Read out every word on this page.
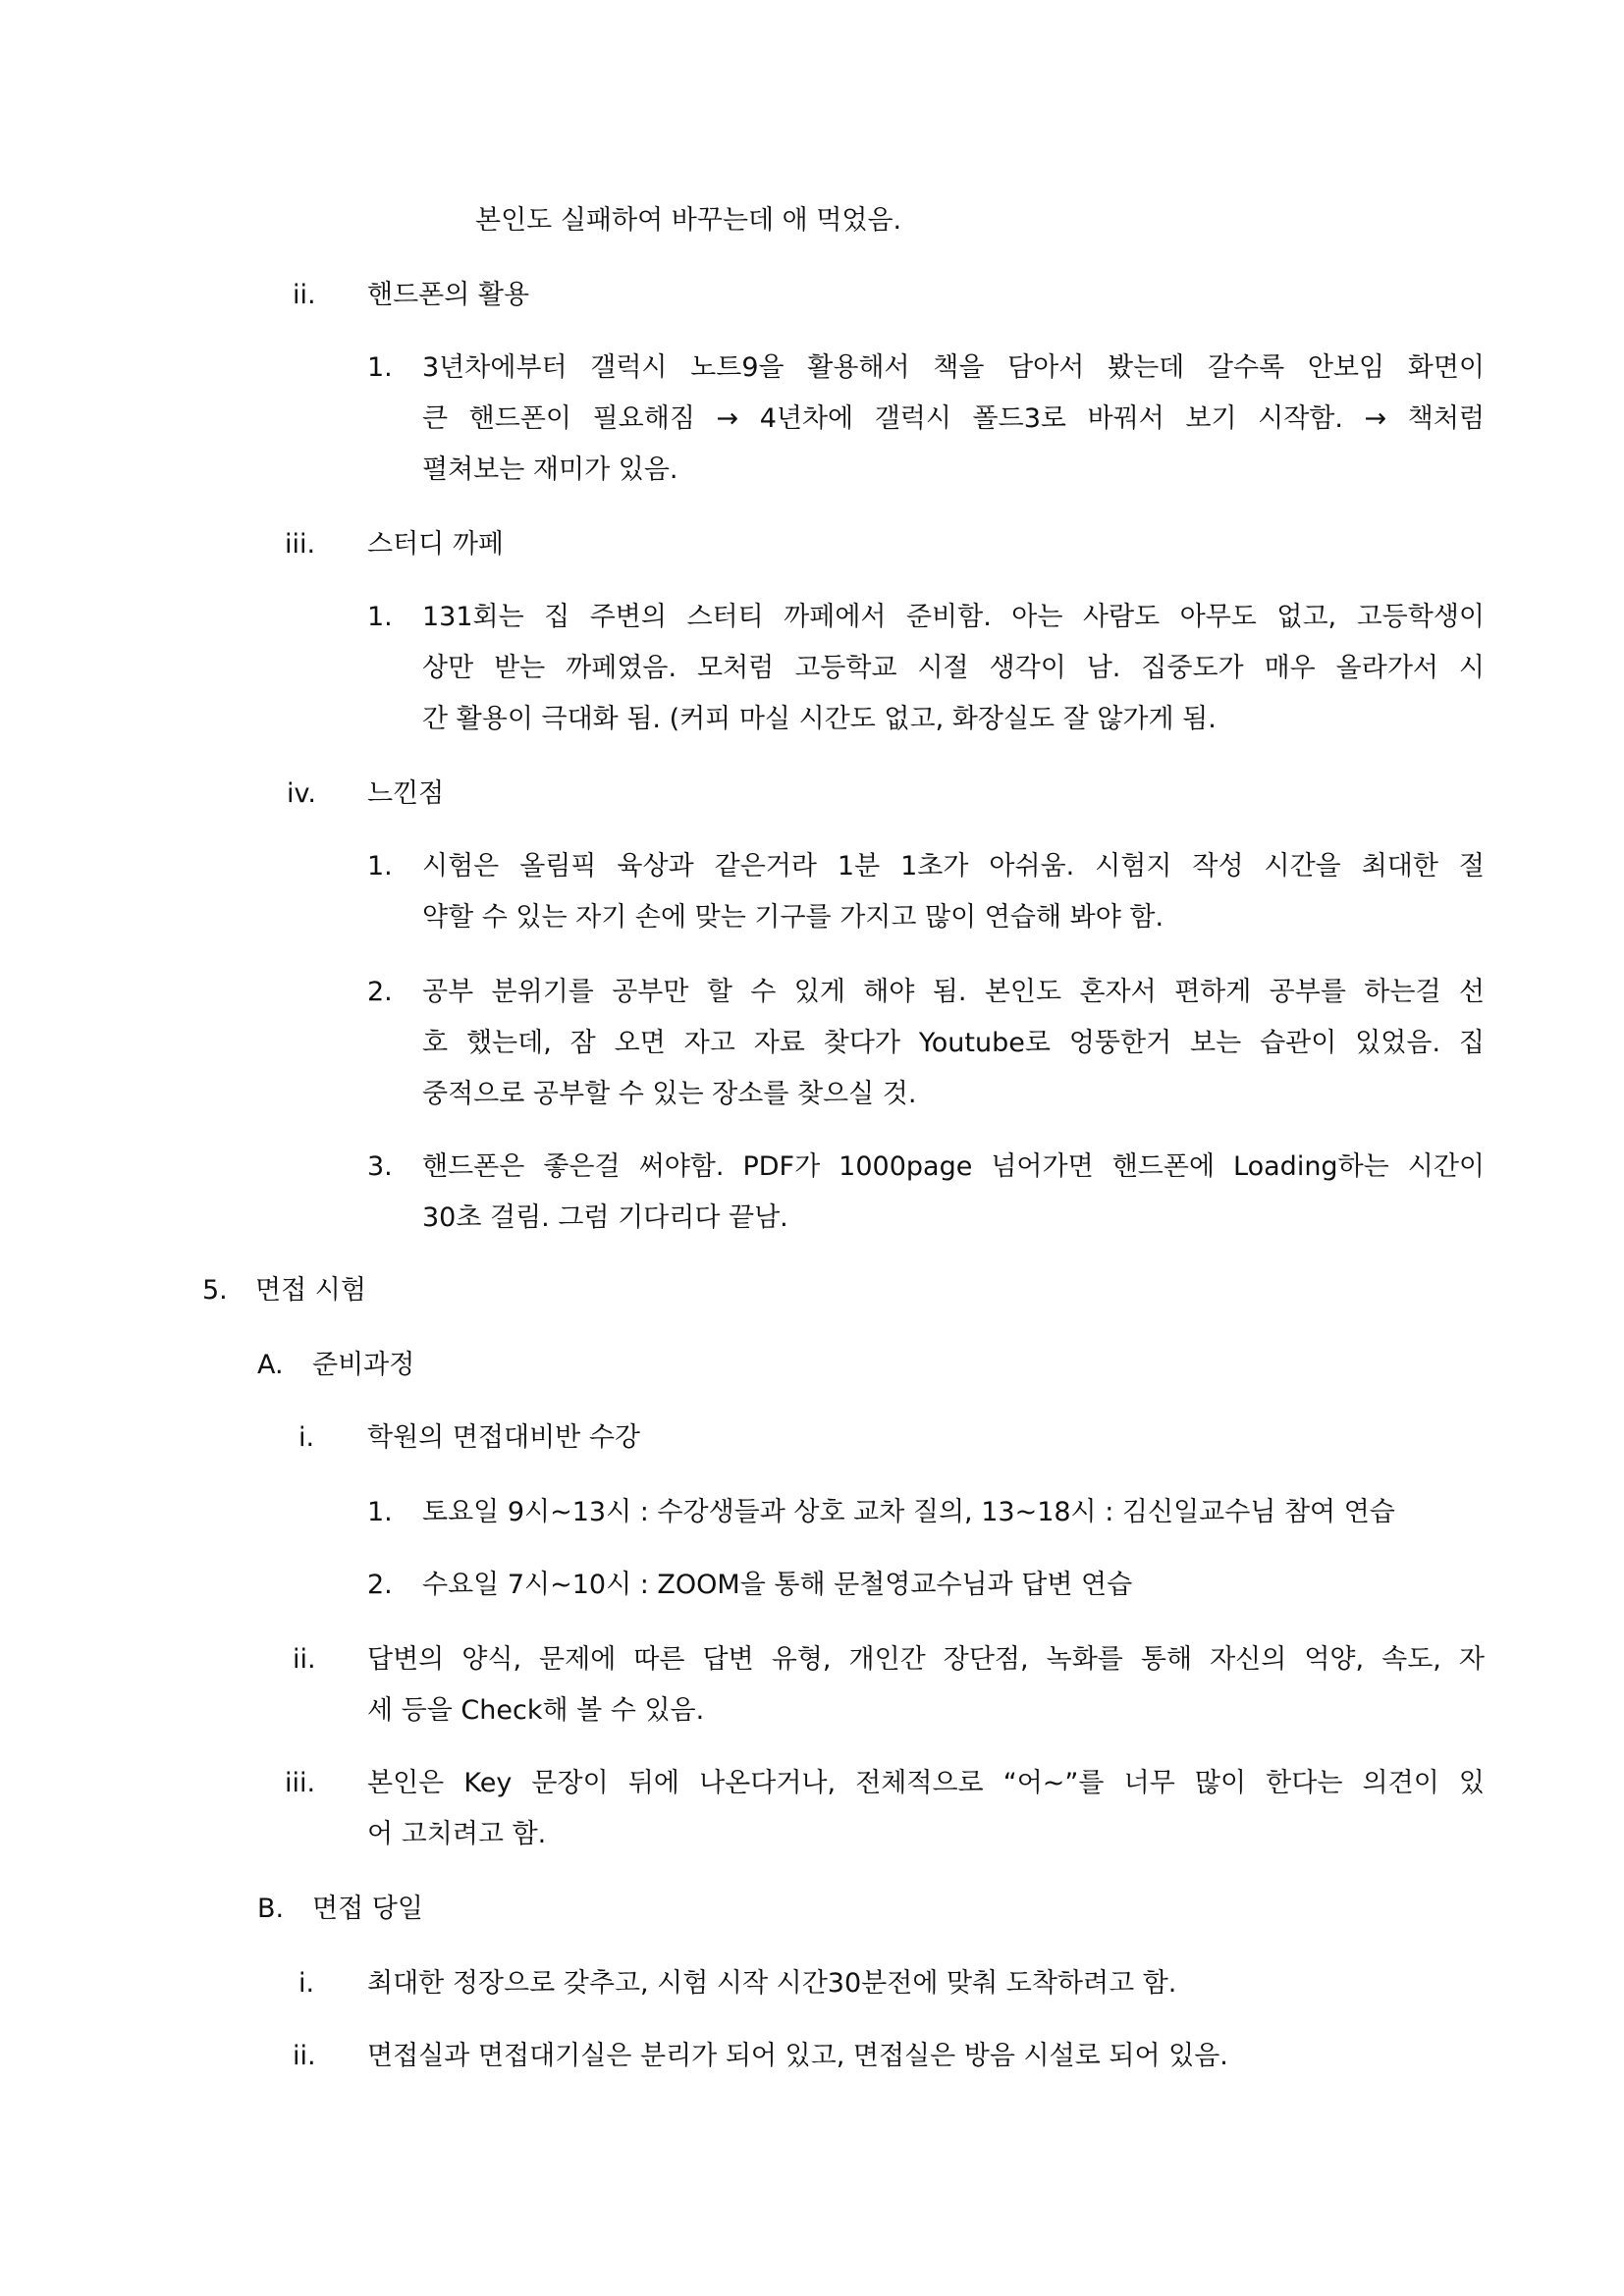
본인도 실패하여 바꾸는데 애 먹었음.
ii. 핸드폰의 활용
1. 3년차에부터 갤럭시 노트9을 활용해서 책을 담아서 봤는데 갈수록 안보임 화면이
큰 핸드폰이 필요해짐 → 4년차에 갤럭시 폴드3로 바꿔서 보기 시작함. → 책처럼
펼쳐보는 재미가 있음.
iii. 스터디 까페
1. 131회는 집 주변의 스터티 까페에서 준비함. 아는 사람도 아무도 없고, 고등학생이
상만 받는 까페였음. 모처럼 고등학교 시절 생각이 남. 집중도가 매우 올라가서 시
간 활용이 극대화 됨. (커피 마실 시간도 없고, 화장실도 잘 않가게 됨.
iv. 느낀점
1. 시험은 올림픽 육상과 같은거라 1분 1초가 아쉬움. 시험지 작성 시간을 최대한 절
약할 수 있는 자기 손에 맞는 기구를 가지고 많이 연습해 봐야 함.
2. 공부 분위기를 공부만 할 수 있게 해야 됨. 본인도 혼자서 편하게 공부를 하는걸 선
호 했는데, 잠 오면 자고 자료 찾다가 Youtube로 엉뚱한거 보는 습관이 있었음. 집
중적으로 공부할 수 있는 장소를 찾으실 것.
3. 핸드폰은 좋은걸 써야함. PDF가 1000page 넘어가면 핸드폰에 Loading하는 시간이
30초 걸림. 그럼 기다리다 끝남.
5. 면접 시험
A. 준비과정
i. 학원의 면접대비반 수강
1. 토요일 9시~13시 : 수강생들과 상호 교차 질의, 13~18시 : 김신일교수님 참여 연습
2. 수요일 7시~10시 : ZOOM을 통해 문철영교수님과 답변 연습
ii. 답변의 양식, 문제에 따른 답변 유형, 개인간 장단점, 녹화를 통해 자신의 억양, 속도, 자
세 등을 Check해 볼 수 있음.
iii. 본인은 Key 문장이 뒤에 나온다거나, 전체적으로 “어~”를 너무 많이 한다는 의견이 있
어 고치려고 함.
B. 면접 당일
i. 최대한 정장으로 갖추고, 시험 시작 시간30분전에 맞춰 도착하려고 함.
ii. 면접실과 면접대기실은 분리가 되어 있고, 면접실은 방음 시설로 되어 있음.
